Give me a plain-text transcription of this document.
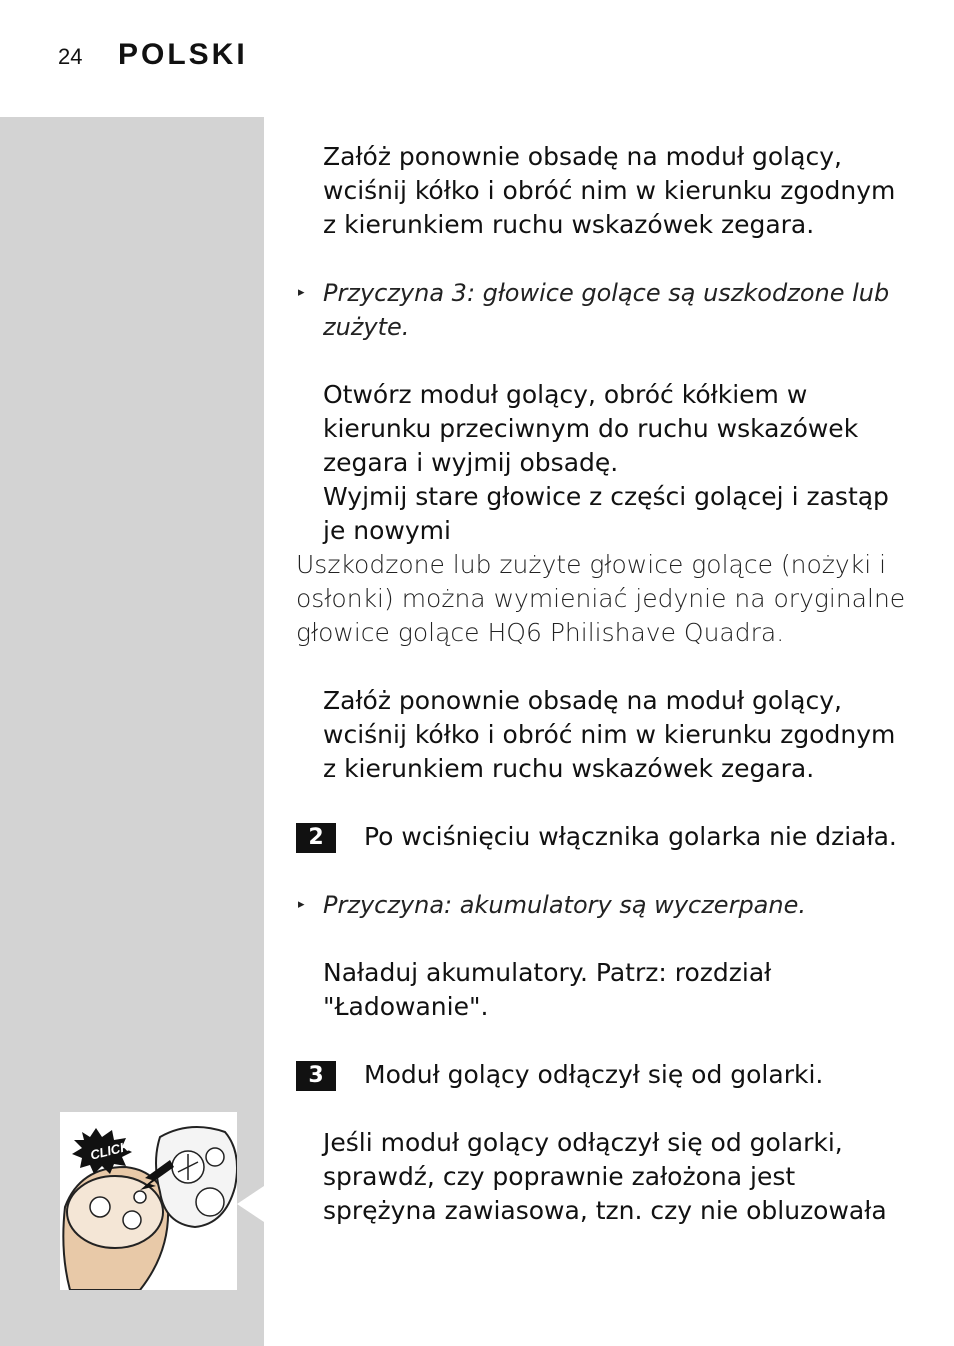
24 POLSKI
CLICK

Załóż ponownie obsadę na moduł golący, wciśnij kółko i obróć nim w kierunku zgodnym z kierunkiem ruchu wskazówek zegara.

▸ Przyczyna 3: głowice golące są uszkodzone lub zużyte.

Otwórz moduł golący, obróć kółkiem w kierunku przeciwnym do ruchu wskazówek zegara i wyjmij obsadę.

Wyjmij stare głowice z części golącej i zastąp je nowymi

Uszkodzone lub zużyte głowice golące (nożyki i osłonki) można wymieniać jedynie na oryginalne głowice golące HQ6 Philishave Quadra.

Załóż ponownie obsadę na moduł golący, wciśnij kółko i obróć nim w kierunku zgodnym z kierunkiem ruchu wskazówek zegara.

2	Po wciśnięciu włącznika golarka nie działa.
▸ Przyczyna: akumulatory są wyczerpane.

Naładuj akumulatory. Patrz: rozdział "Ładowanie".

3	Moduł golący odłączył się od golarki.

Jeśli moduł golący odłączył się od golarki, sprawdź, czy poprawnie założona jest sprężyna zawiasowa, tzn. czy nie obluzowała
